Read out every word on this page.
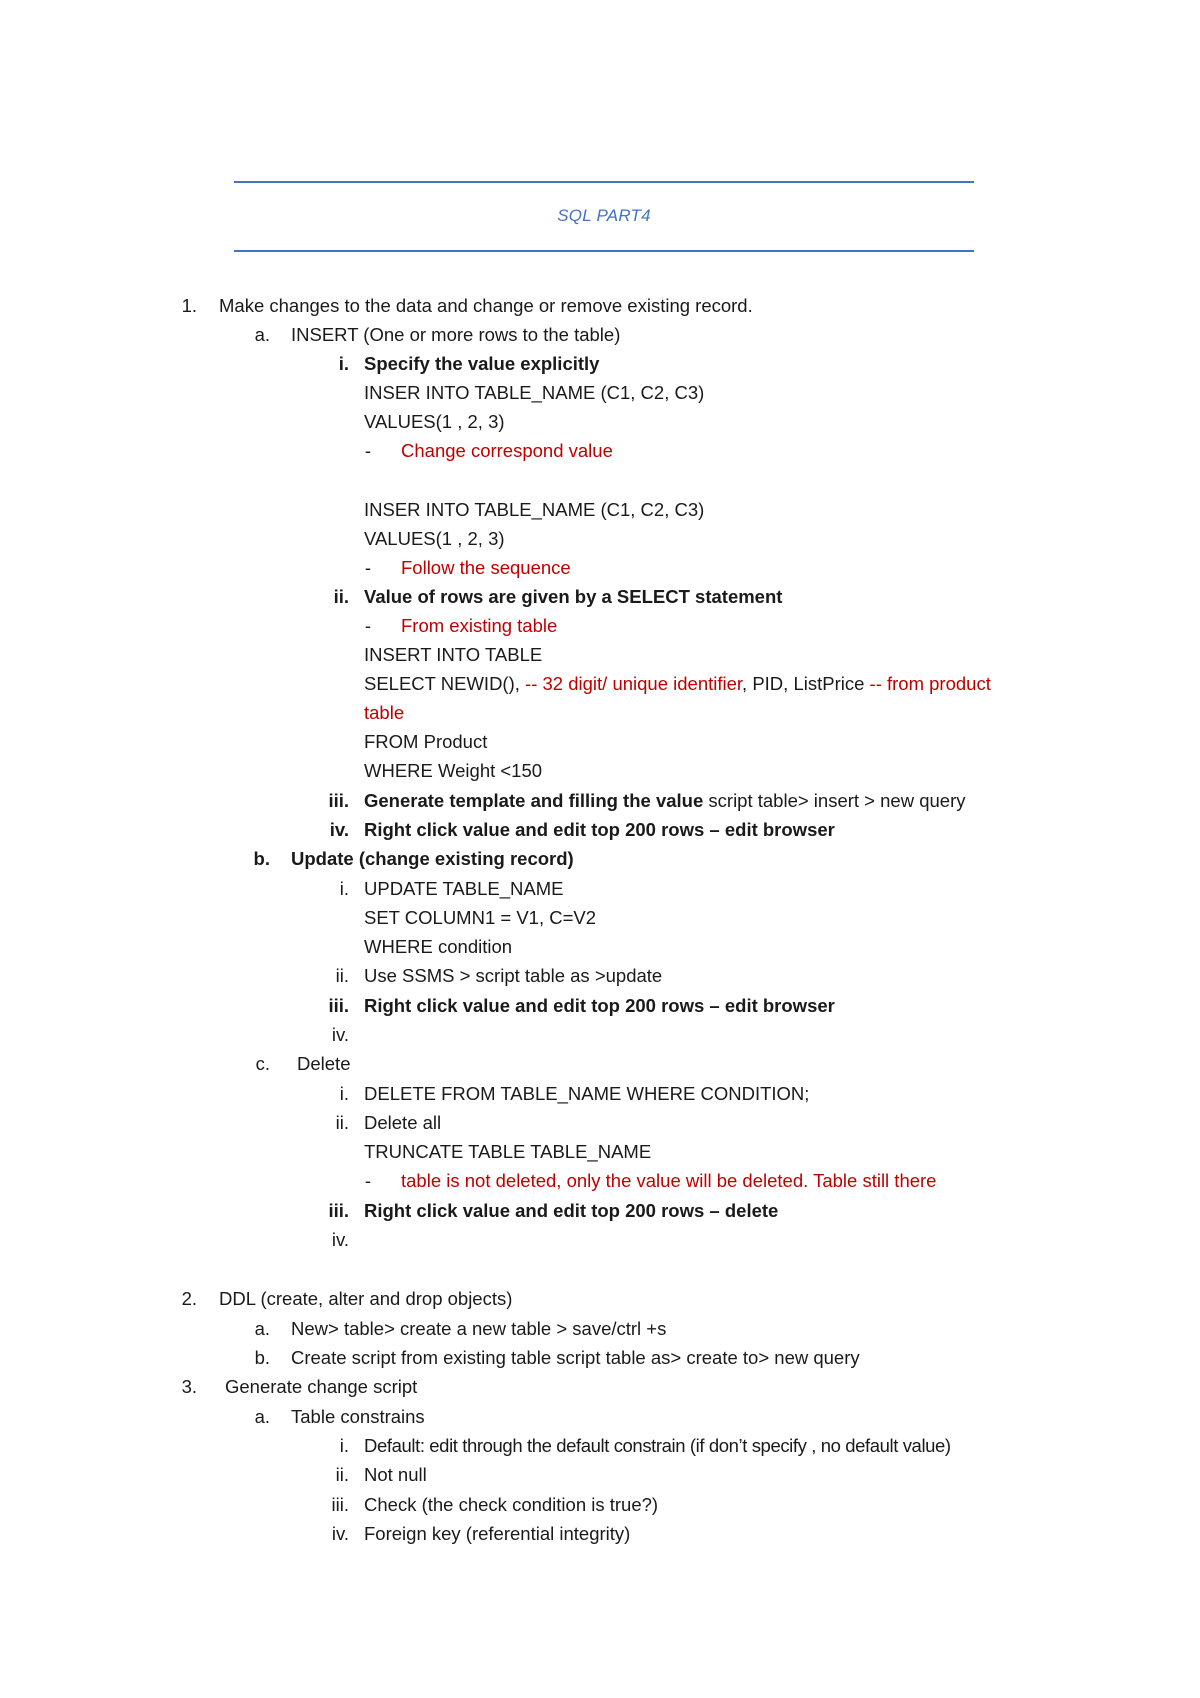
SQL PART4
1. Make changes to the data and change or remove existing record.
a. INSERT (One or more rows to the table)
i. Specify the value explicitly
INSER INTO TABLE_NAME (C1, C2, C3)
VALUES(1 , 2, 3)
- Change correspond value
INSER INTO TABLE_NAME (C1, C2, C3)
VALUES(1 , 2, 3)
- Follow the sequence
ii. Value of rows are given by a SELECT statement
- From existing table
INSERT INTO TABLE
SELECT NEWID(), -- 32 digit/ unique identifier, PID, ListPrice -- from product
table
FROM Product
WHERE Weight <150
iii. Generate template and filling the value script table> insert > new query
iv. Right click value and edit top 200 rows – edit browser
b. Update (change existing record)
i. UPDATE TABLE_NAME
SET COLUMN1 = V1, C=V2
WHERE condition
ii. Use SSMS > script table as >update
iii. Right click value and edit top 200 rows – edit browser
iv.
c. Delete
i. DELETE FROM TABLE_NAME WHERE CONDITION;
ii. Delete all
TRUNCATE TABLE TABLE_NAME
- table is not deleted, only the value will be deleted. Table still there
iii. Right click value and edit top 200 rows – delete
iv.
2. DDL (create, alter and drop objects)
a. New> table> create a new table > save/ctrl +s
b. Create script from existing table script table as> create to> new query
3. Generate change script
a. Table constrains
i. Default: edit through the default constrain (if don’t specify , no default value)
ii. Not null
iii. Check (the check condition is true?)
iv. Foreign key (referential integrity)
